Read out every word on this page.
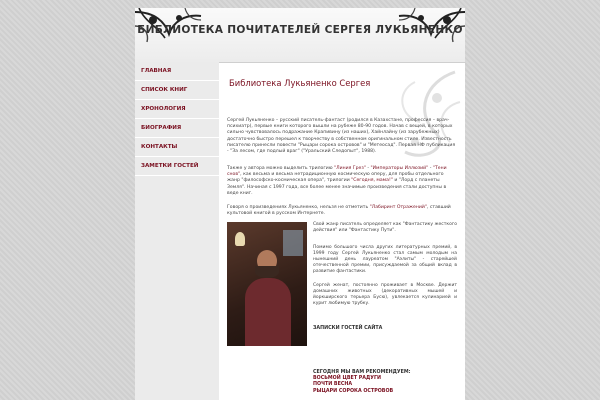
БИБЛИОТЕКА ПОЧИТАТЕЛЕЙ СЕРГЕЯ ЛУКЬЯНЕНКО
ГЛАВНАЯ
СПИСОК КНИГ
ХРОНОЛОГИЯ
БИОГРАФИЯ
КОНТАКТЫ
ЗАМЕТКИ ГОСТЕЙ
Библиотека Лукьяненко Сергея

Сергей Лукьяненко – русский писатель-фантаст (родился в Казахстане, профессия – врач-психиатр), первые книги которого вышли на рубеже 80-90 годов. Начав с вещей, в которых сильно чувствовалось подражание Крапивину (из наших), Хайнлайну (из зарубежных) достаточно быстро перешел к творчеству в собственном оригинальном стиле. Известность писателю принесли повести "Рыцари сорока островов" и "Метеосад". Первая НФ публикация - "За лесом, где подлый враг" ("Уральский Следопыт", 1988).

Также у автора можно выделить трилогию "Линия Грез" - "Императоры Иллюзий" - "Тени снов", как весьма и весьма нетрадиционную космическую оперу, для пробы отдельного жанр "философско-космическая опера", трилогии "Сегодня, мама!" и "Лорд с планеты Земля". Начиная с 1997 года, все более менее значимые произведения стали доступны в веде книг.

Говоря о произведениях Лукьяненко, нельзя не отметить "Лабиринт Отражений", ставший культовой книгой в русском Интернете.

Свой жанр писатель определяет как "Фантастику жесткого действия" или "Фантастику Пути".

Помимо большого числа других литературных премий, в 1999 году Сергей Лукьяненко стал самым молодым на нынешний день лауреатом "Аэлиты" - старейшей отечественной премии, присуждаемой за общий вклад в развитие фантастики.

Сергей женат, постоянно проживает в Москве. Держит домашних животных (декоративных мышей и йоркширского терьера Бусю), увлекается кулинарией и курит любимую трубку.

ЗАПИСКИ ГОСТЕЙ САЙТА
СЕГОДНЯ МЫ ВАМ РЕКОМЕНДУЕМ:
ВОСЬМОЙ ЦВЕТ РАДУГИ
ПОЧТИ ВЕСНА
РЫЦАРИ СОРОКА ОСТРОВОВ
